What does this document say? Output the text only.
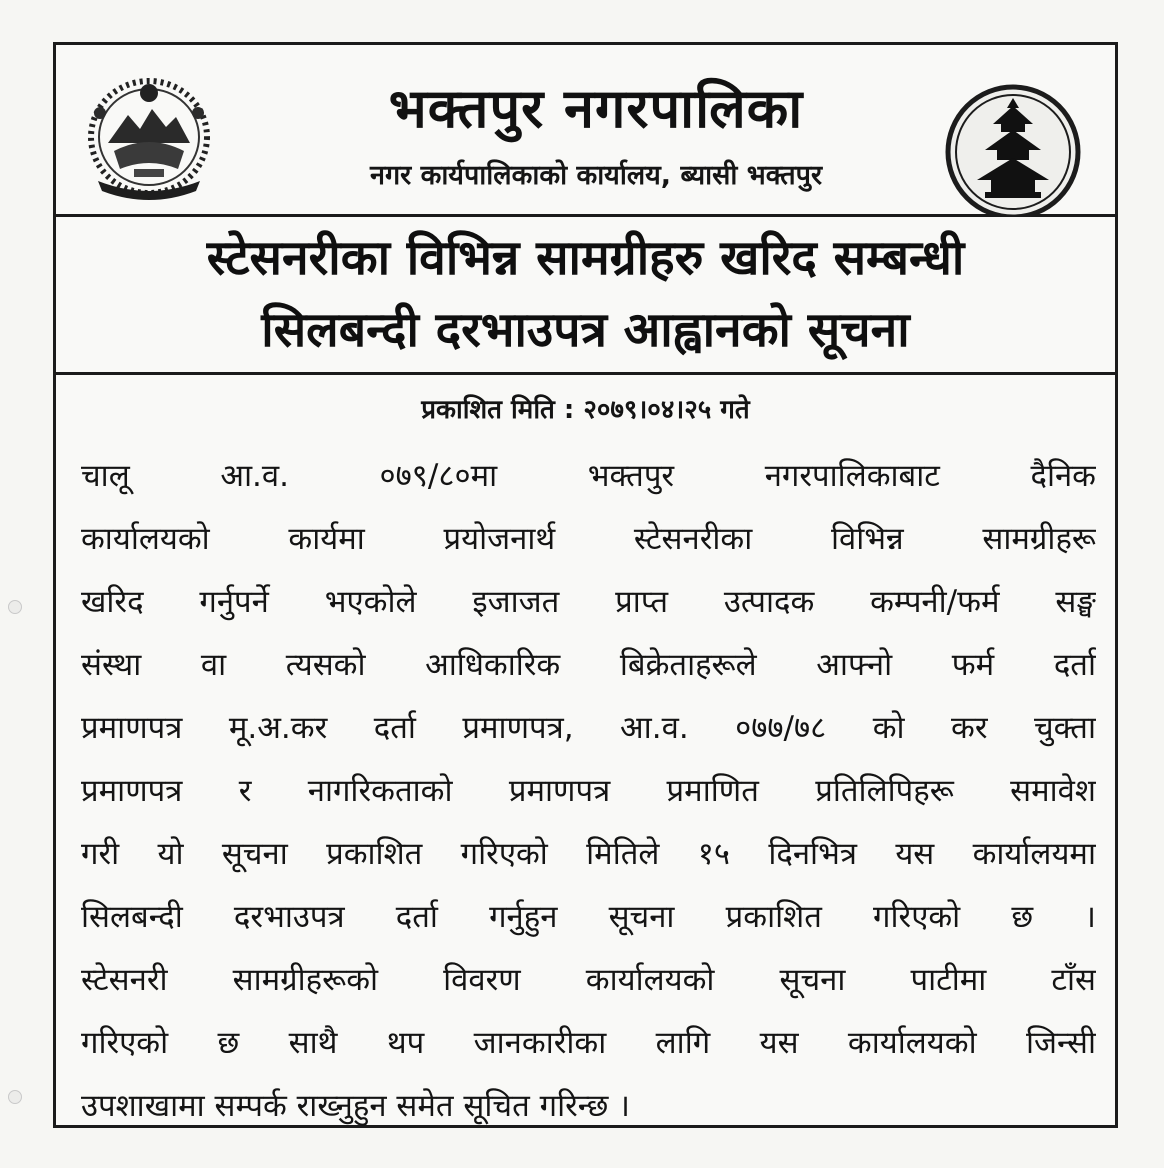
भक्तपुर नगरपालिका
नगर कार्यपालिकाको कार्यालय, ब्यासी भक्तपुर
स्टेसनरीका विभिन्न सामग्रीहरु खरिद सम्बन्धी
सिलबन्दी दरभाउपत्र आह्वानको सूचना
प्रकाशित मिति : २०७९।०४।२५ गते
चालू आ.व. ०७९/८०मा भक्तपुर नगरपालिकाबाट दैनिक
कार्यालयको कार्यमा प्रयोजनार्थ स्टेसनरीका विभिन्न सामग्रीहरू
खरिद गर्नुपर्ने भएकोले इजाजत प्राप्त उत्पादक कम्पनी/फर्म सङ्घ
संस्था वा त्यसको आधिकारिक बिक्रेताहरूले आफ्नो फर्म दर्ता
प्रमाणपत्र मू.अ.कर दर्ता प्रमाणपत्र, आ.व. ०७७/७८ को कर चुक्ता
प्रमाणपत्र र नागरिकताको प्रमाणपत्र प्रमाणित प्रतिलिपिहरू समावेश
गरी यो सूचना प्रकाशित गरिएको मितिले १५ दिनभित्र यस कार्यालयमा
सिलबन्दी दरभाउपत्र दर्ता गर्नुहुन सूचना प्रकाशित गरिएको छ ।
स्टेसनरी सामग्रीहरूको विवरण कार्यालयको सूचना पाटीमा टाँस
गरिएको छ साथै थप जानकारीका लागि यस कार्यालयको जिन्सी
उपशाखामा सम्पर्क राख्नुहुन समेत सूचित गरिन्छ ।
